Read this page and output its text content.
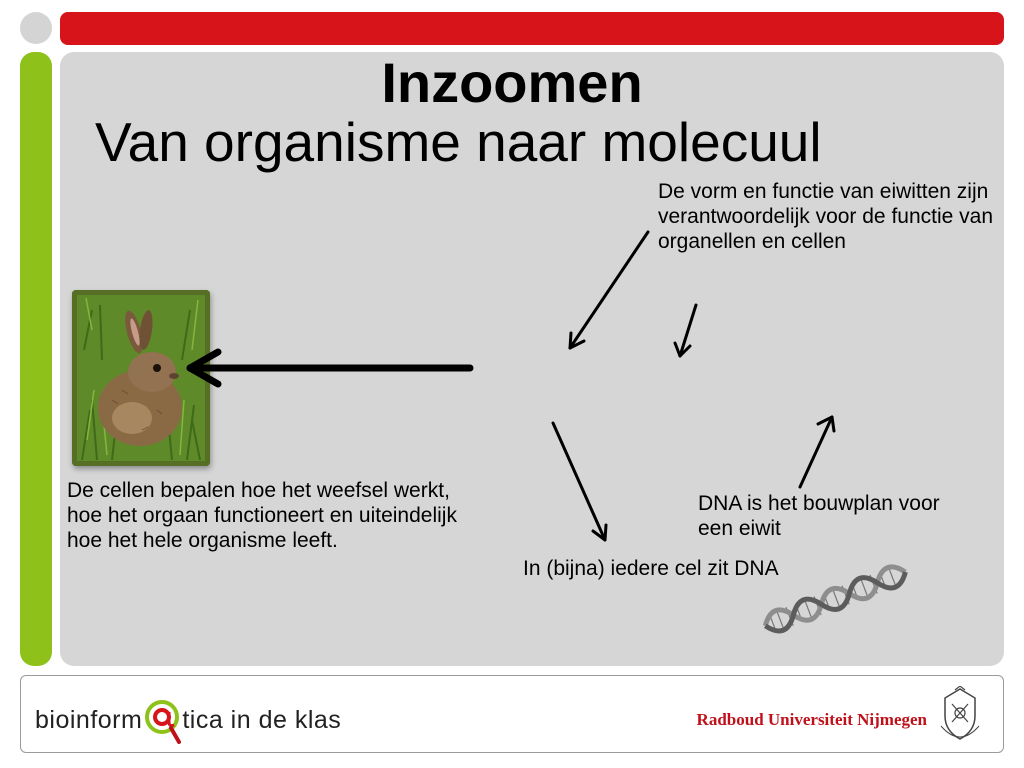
Inzoomen
Van organisme naar molecuul
De vorm en functie van eiwitten zijn verantwoordelijk voor de functie van organellen en cellen
De cellen bepalen hoe het weefsel werkt,
hoe het orgaan functioneert en uiteindelijk
hoe het hele organisme leeft.
DNA is het bouwplan voor een eiwit
In (bijna) iedere cel zit DNA
bioinform tica in de klas	Radboud Universiteit Nijmegen
